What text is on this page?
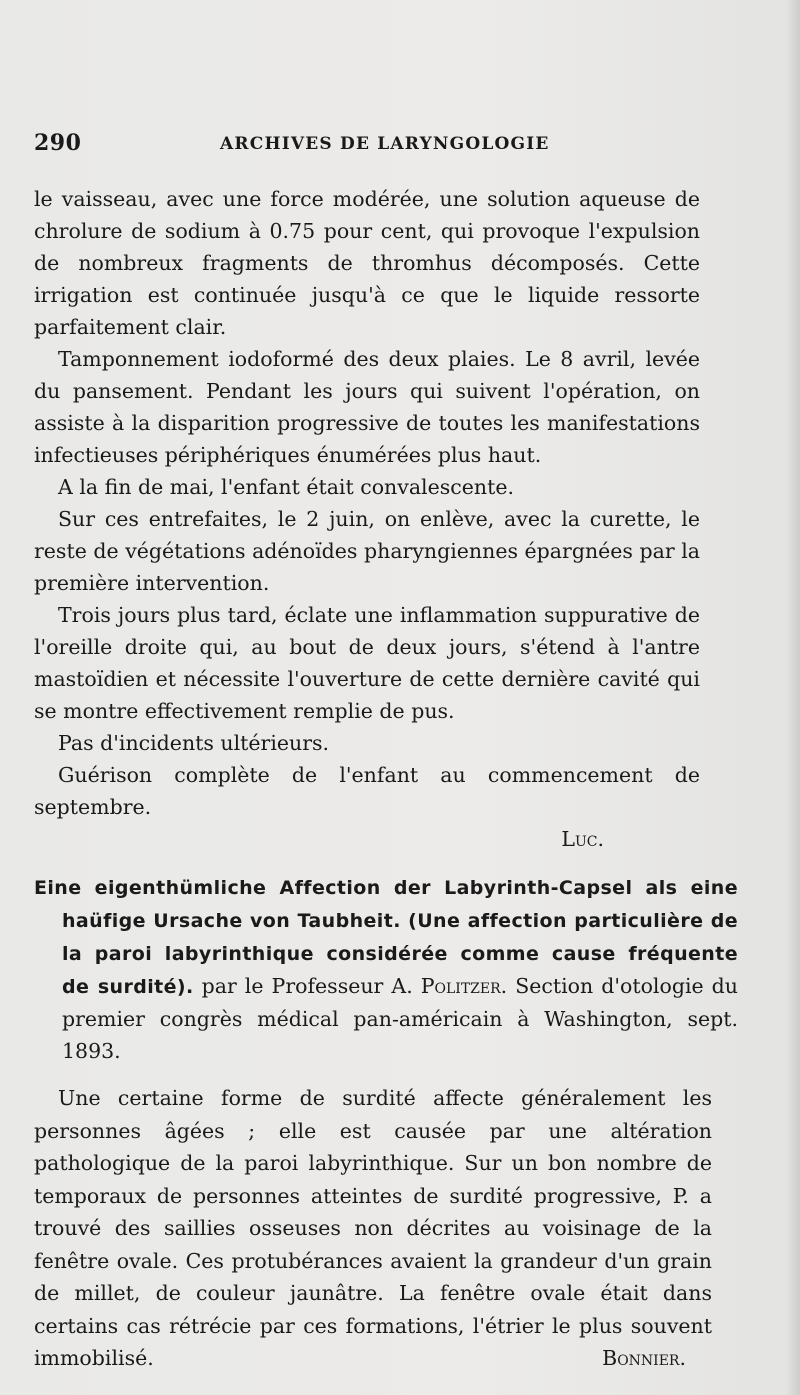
290	ARCHIVES DE LARYNGOLOGIE

le vaisseau, avec une force modérée, une solution aqueuse de chrolure de sodium à 0.75 pour cent, qui provoque l'expulsion de nombreux fragments de thromhus décomposés. Cette irrigation est continuée jusqu'à ce que le liquide ressorte parfaitement clair.

Tamponnement iodoformé des deux plaies. Le 8 avril, levée du pansement. Pendant les jours qui suivent l'opération, on assiste à la disparition progressive de toutes les manifestations infectieuses périphériques énumérées plus haut.

A la fin de mai, l'enfant était convalescente.

Sur ces entrefaites, le 2 juin, on enlève, avec la curette, le reste de végétations adénoïdes pharyngiennes épargnées par la première intervention.

Trois jours plus tard, éclate une inflammation suppurative de l'oreille droite qui, au bout de deux jours, s'étend à l'antre mastoïdien et nécessite l'ouverture de cette dernière cavité qui se montre effectivement remplie de pus.

Pas d'incidents ultérieurs.

Guérison complète de l'enfant au commencement de septembre.

Luc.

Eine eigenthümliche Affection der Labyrinth-Capsel als eine haüfige Ursache von Taubheit. (Une affection particulière de la paroi labyrinthique considérée comme cause fréquente de surdité). par le Professeur A. Politzer. Section d'otologie du premier congrès médical pan-américain à Washington, sept. 1893.
Une certaine forme de surdité affecte généralement les personnes âgées ; elle est causée par une altération pathologique de la paroi labyrinthique. Sur un bon nombre de temporaux de personnes atteintes de surdité progressive, P. a trouvé des saillies osseuses non décrites au voisinage de la fenêtre ovale. Ces protubérances avaient la grandeur d'un grain de millet, de couleur jaunâtre. La fenêtre ovale était dans certains cas rétrécie par ces formations, l'étrier le plus souvent immobilisé.	Bonnier.
